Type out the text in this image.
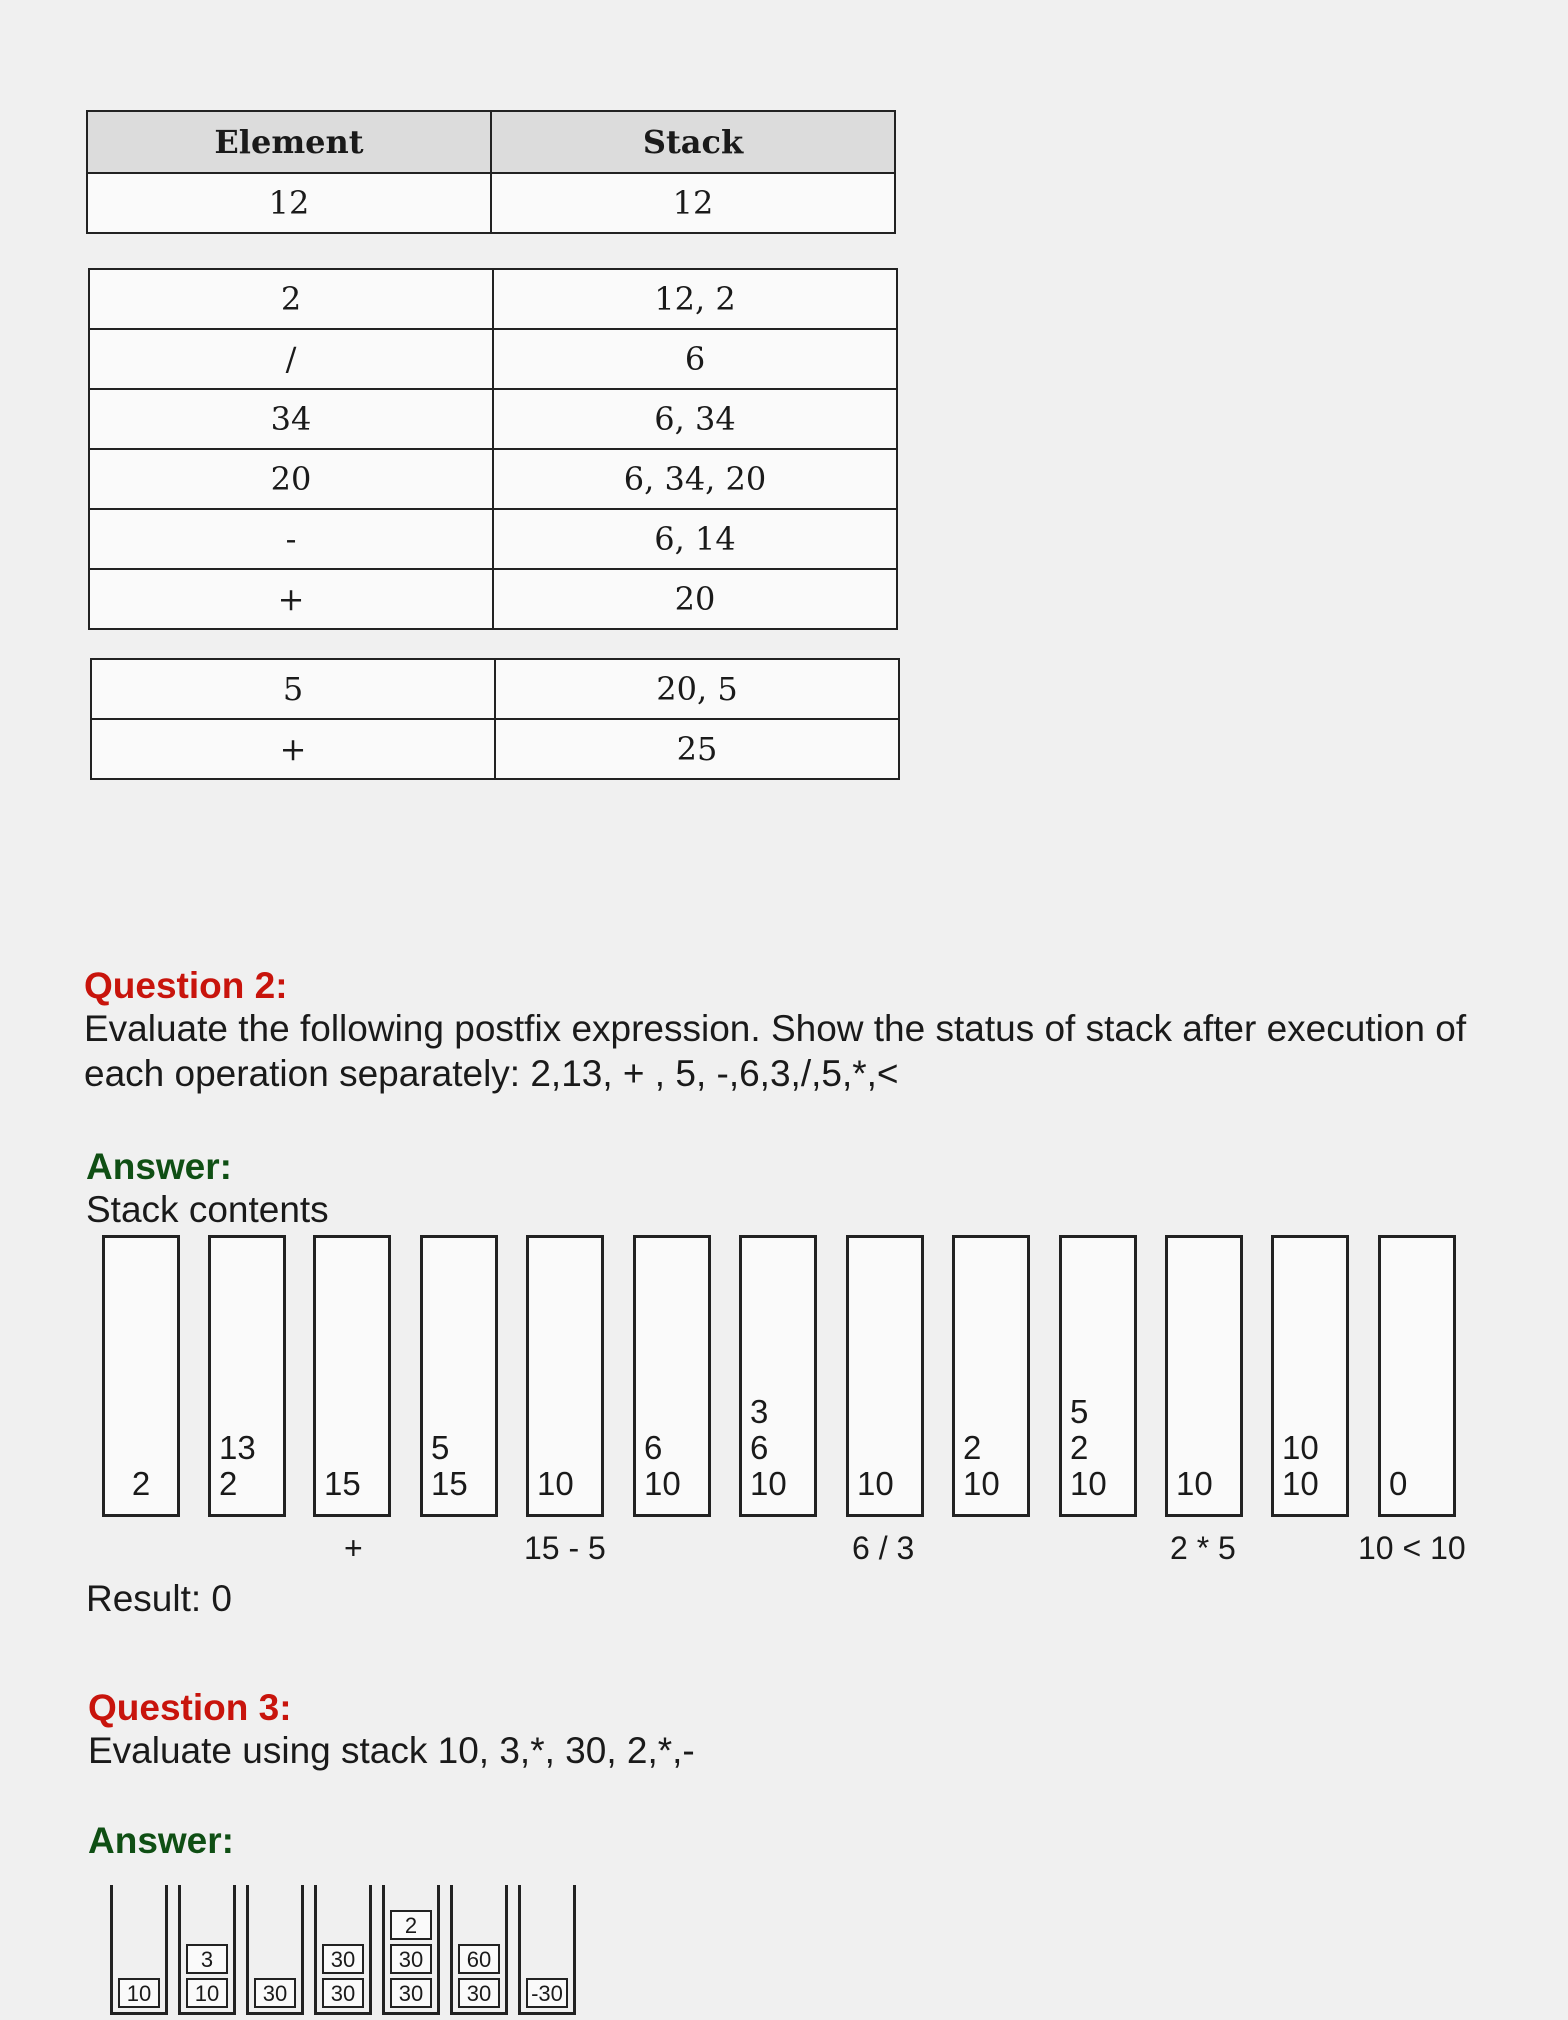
Element	Stack
12	12
2	12, 2
/	6
34	6, 34
20	6, 34, 20
-	6, 14
+	20
5	20, 5
+	25
Question 2:
Evaluate the following postfix expression. Show the status of stack after execution of
each operation separately: 2,13, + , 5, -,6,3,/,5,*,<
Answer:
Stack contents
2
13
2	15
5
15 10
6
10
3
6
10 10
2
10
5
2
10 10
10
10 0
+	15 - 5	6 / 3	2 * 5	10 < 10
Result: 0
Question 3:
Evaluate using stack 10, 3,*, 30, 2,*,-
Answer:
10
3
10	30
30
30
2
30
30
60
30	-30
